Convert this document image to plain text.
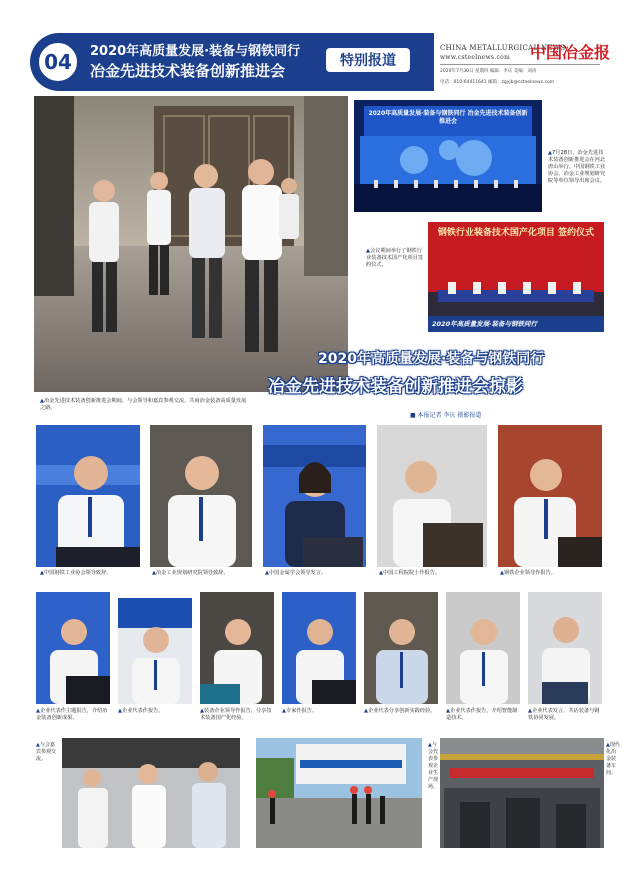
04 2020年高质量发展·装备与钢铁同行
冶金先进技术装备创新推进会
特别报道
CHINA METALLURGICAL NEWS
www.csteelnews.com 中国冶金报
2020年7月30日 星期四 编辑：李庆 美编：刘涛
电话：010-64411641 邮箱：zgyjb@csteelnews.com
▲冶金先进技术装备创新推进会期间，与会领导和嘉宾参观交流，共商冶金装备高质量发展之路。
2020年高质量发展·装备与钢铁同行 冶金先进技术装备创新推进会
▲7月28日，冶金先进技术装备创新推进会在河北唐山举行。中国钢铁工业协会、冶金工业规划研究院等单位领导出席会议。
钢铁行业装备技术国产化项目 签约仪式
2020年高质量发展·装备与钢铁同行
▲会议期间举行了钢铁行业装备技术国产化项目签约仪式。
2020年高质量发展·装备与钢铁同行
冶金先进技术装备创新推进会掠影
■ 本报记者 李庆 摄影报道
▲中国钢铁工业协会领导致辞。	▲冶金工业规划研究院领导致辞。	▲中国金属学会领导发言。	▲中国工程院院士作报告。	▲钢铁企业领导作报告。
▲企业代表作主题报告，介绍冶金装备创新成果。
▲企业代表作报告。	▲装备企业领导作报告，分享技术装备国产化经验。
▲专家作报告。	▲企业代表分享创新实践经验。	▲企业代表作报告，介绍智能制造技术。
▲企业代表发言，共话装备与钢铁协同发展。
▲与会嘉宾参观交流。
▲与会代表参观企业生产现场。
▲现代化冶金装备车间。
